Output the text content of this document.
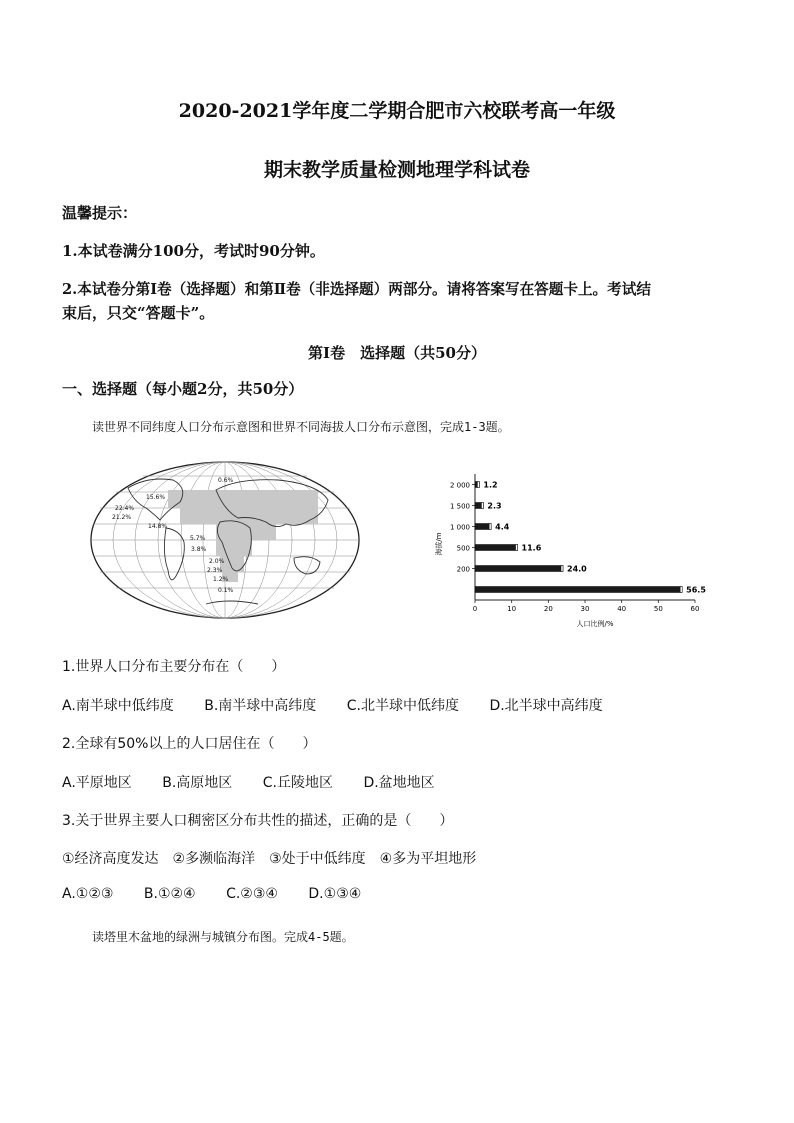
2020-2021学年度二学期合肥市六校联考高一年级
期末教学质量检测地理学科试卷
温馨提示：
1.本试卷满分100分，考试时90分钟。
2.本试卷分第Ⅰ卷（选择题）和第Ⅱ卷（非选择题）两部分。请将答案写在答题卡上。考试结
束后，只交“答题卡”。
第Ⅰ卷　选择题（共50分）
一、选择题（每小题2分，共50分）
读世界不同纬度人口分布示意图和世界不同海拔人口分布示意图，完成1-3题。
0.6%
15.6%
22.4%
21.2%
14.8%
5.7%
3.8%
2.0%
2.3%
1.2%
0.1%
海拔/m
人口比例/%
0	10	20	30	40	50	60
1.2
2 000
2.3
1 500
4.4
1 000
11.6
500
24.0
200
56.5
1.世界人口分布主要分布在（　　）
A.南半球中低纬度 B.南半球中高纬度 C.北半球中低纬度 D.北半球中高纬度
2.全球有50%以上的人口居住在（　　）
A.平原地区 B.高原地区 C.丘陵地区 D.盆地地区
3.关于世界主要人口稠密区分布共性的描述，正确的是（　　）
①经济高度发达　②多濒临海洋　③处于中低纬度　④多为平坦地形
A.①②③ B.①②④ C.②③④ D.①③④
读塔里木盆地的绿洲与城镇分布图。完成4-5题。
